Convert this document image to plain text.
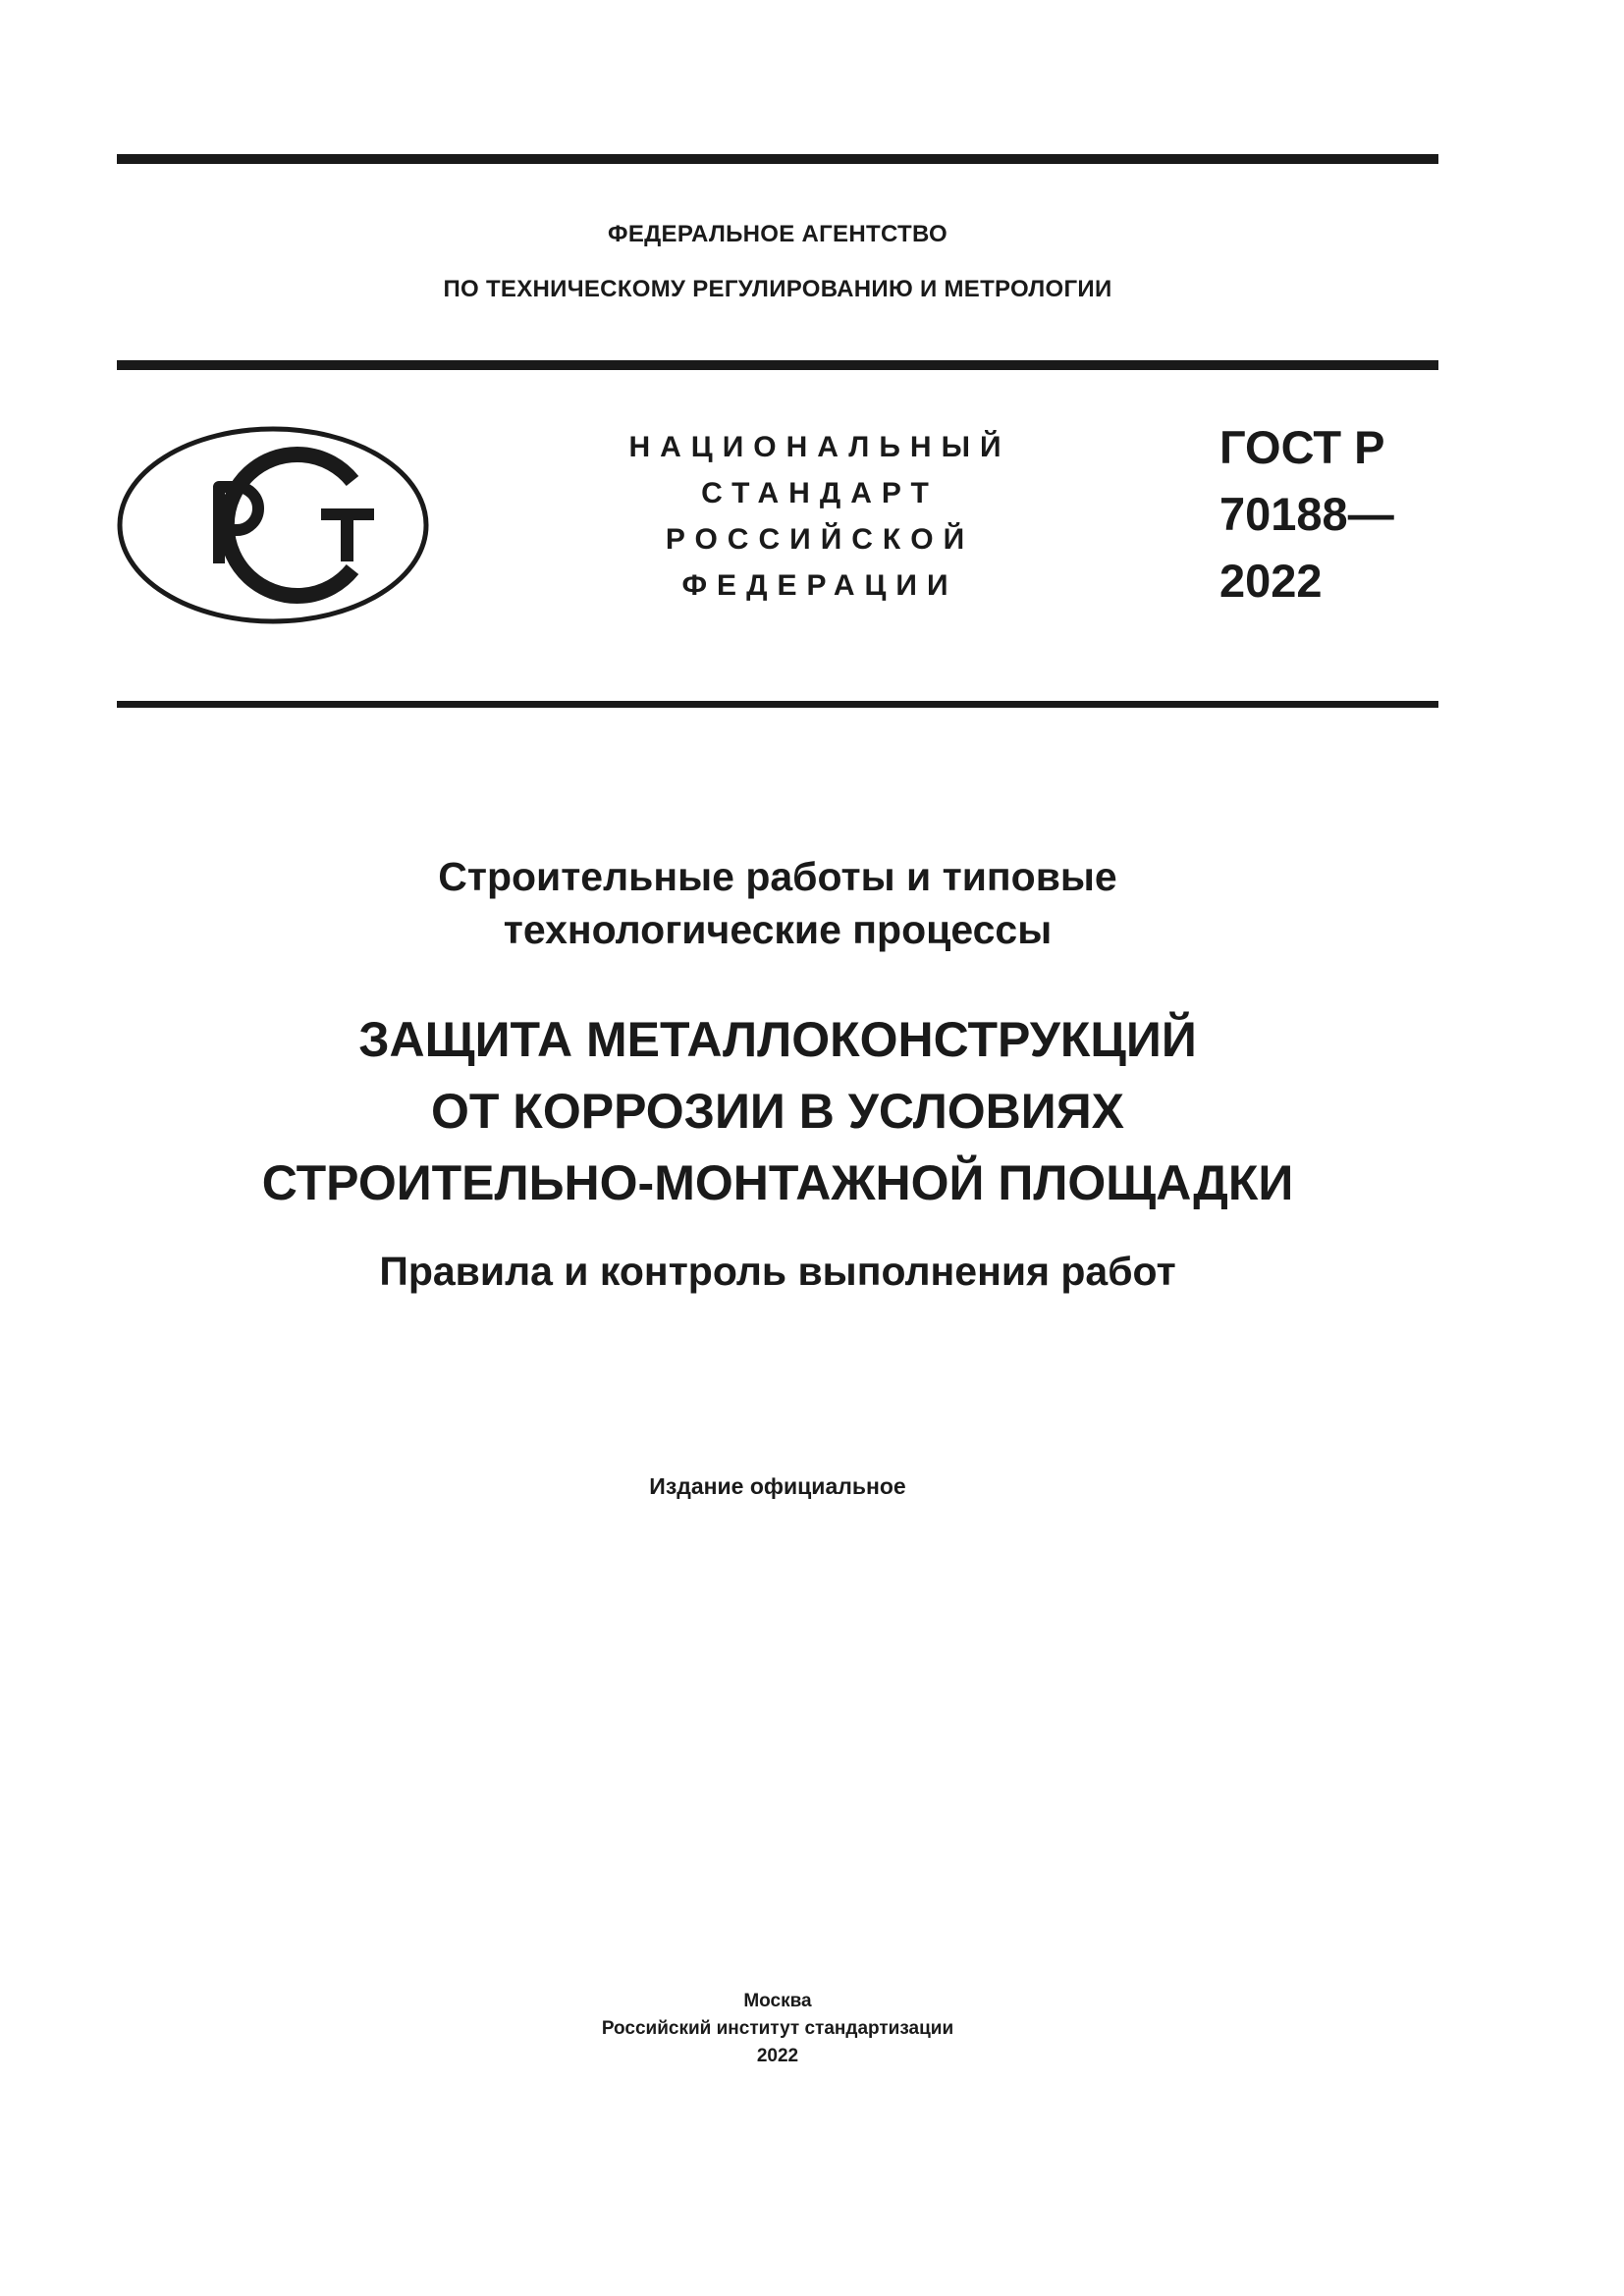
ФЕДЕРАЛЬНОЕ АГЕНТСТВО
ПО ТЕХНИЧЕСКОМУ РЕГУЛИРОВАНИЮ И МЕТРОЛОГИИ
НАЦИОНАЛЬНЫЙ
СТАНДАРТ
РОССИЙСКОЙ
ФЕДЕРАЦИИ
ГОСТ Р
70188—
2022
Строительные работы и типовые
технологические процессы
ЗАЩИТА МЕТАЛЛОКОНСТРУКЦИЙ
ОТ КОРРОЗИИ В УСЛОВИЯХ
СТРОИТЕЛЬНО-МОНТАЖНОЙ ПЛОЩАДКИ
Правила и контроль выполнения работ
Издание официальное
Москва
Российский институт стандартизации
2022
